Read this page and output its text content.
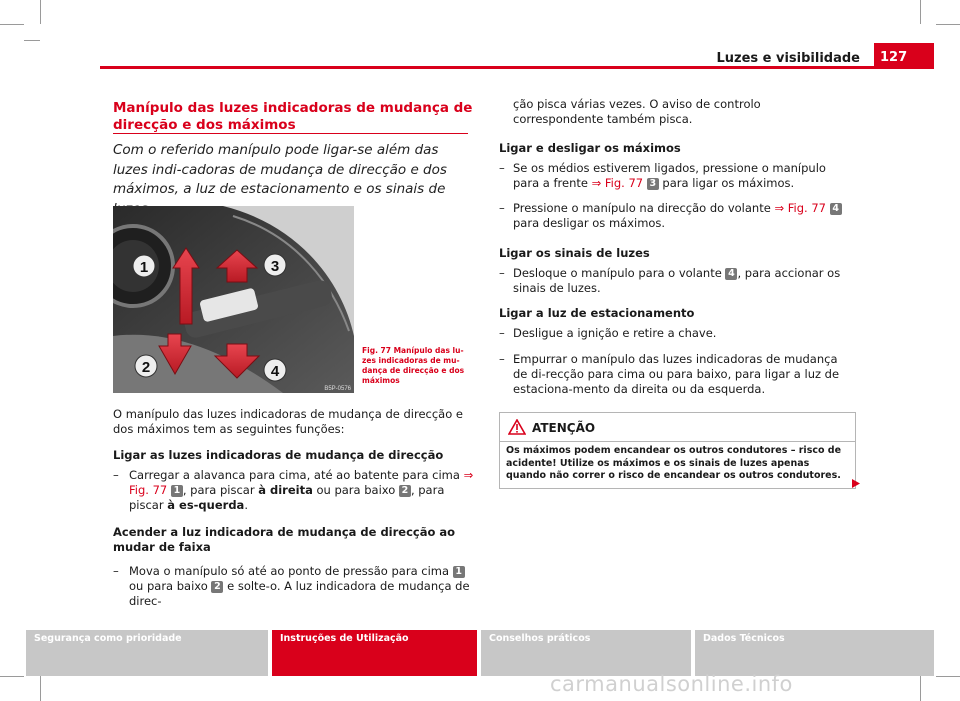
Luzes e visibilidade 127
Manípulo das luzes indicadoras de mudança de direcção e dos máximos
Com o referido manípulo pode ligar-se além das luzes indi-cadoras de mudança de direcção e dos máximos, a luz de estacionamento e os sinais de
1
2
3
4
B5P-0576
Fig. 77 Manípulo das lu-zes indicadoras de mu-dança de direcção e dos máximos
O manípulo das luzes indicadoras de mudança de direcção e dos máximos tem as seguintes funções:
Ligar as luzes indicadoras de mudança de direcção
– Carregar a alavanca para cima, até ao batente para cima ⇒ Fig. 77 1 , para piscar à direita ou para baixo 2 , para piscar à es-querda.
Acender a luz indicadora de mudança de direcção ao mudar de faixa
– Mova o manípulo só até ao ponto de pressão para cima 1 ou para baixo 2 e solte-o. A luz indicadora de mudança de direc-
ção pisca várias vezes. O aviso de controlo correspondente também pisca.
Ligar e desligar os máximos
– Se os médios estiverem ligados, pressione o manípulo para a frente ⇒ Fig. 77 3 para ligar os máximos.
– Pressione o manípulo na direcção do volante ⇒ Fig. 77 4 para desligar os máximos.
Ligar os sinais de luzes
– Desloque o manípulo para o volante 4 , para accionar os sinais de luzes.
Ligar a luz de estacionamento
– Desligue a ignição e retire a chave.
– Empurrar o manípulo das luzes indicadoras de mudança de di-recção para cima ou para baixo, para ligar a luz de estaciona-mento da direita ou da esquerda.
ATENÇÃO
Os máximos podem encandear os outros condutores – risco de acidente! Utilize os máximos e os sinais de luzes apenas quando não correr o risco de encandear os outros condutores.
Segurança como prioridade	Instruções de Utilização	Conselhos práticos	Dados Técnicos
carmanualsonline.info
